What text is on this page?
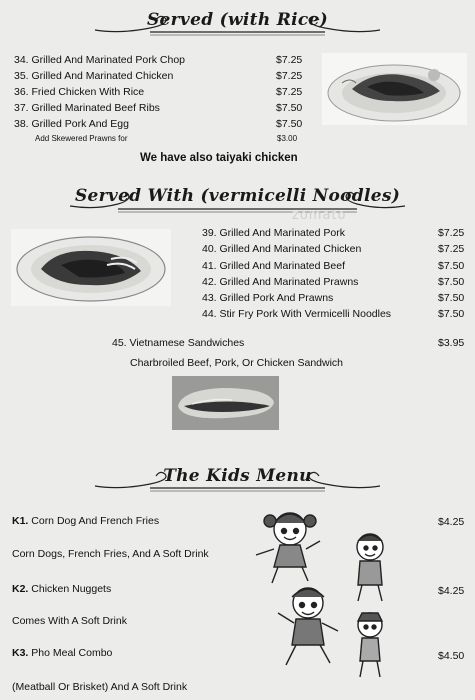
Served (with Rice)
34. Grilled And Marinated Pork Chop	$7.25
35. Grilled And Marinated Chicken	$7.25
36. Fried Chicken With Rice	$7.25
37. Grilled Marinated Beef Ribs	$7.50
38. Grilled Pork And Egg	$7.50
Add Skewered Prawns for	$3.00
We have also taiyaki chicken
Served With (vermicelli Noodles)
zomato
39. Grilled And Marinated Pork	$7.25
40. Grilled And Marinated Chicken	$7.25
41. Grilled And Marinated Beef	$7.50
42. Grilled And Marinated Prawns	$7.50
43. Grilled Pork And Prawns	$7.50
44. Stir Fry Pork With Vermicelli Noodles	$7.50
45. Vietnamese Sandwiches	$3.95
Charbroiled Beef, Pork, Or Chicken Sandwich
The Kids Menu
K1. Corn Dog And French Fries	$4.25
Corn Dogs, French Fries, And A Soft Drink
K2. Chicken Nuggets	$4.25
Comes With A Soft Drink
K3. Pho Meal Combo	$4.50
(Meatball Or Brisket) And A Soft Drink
